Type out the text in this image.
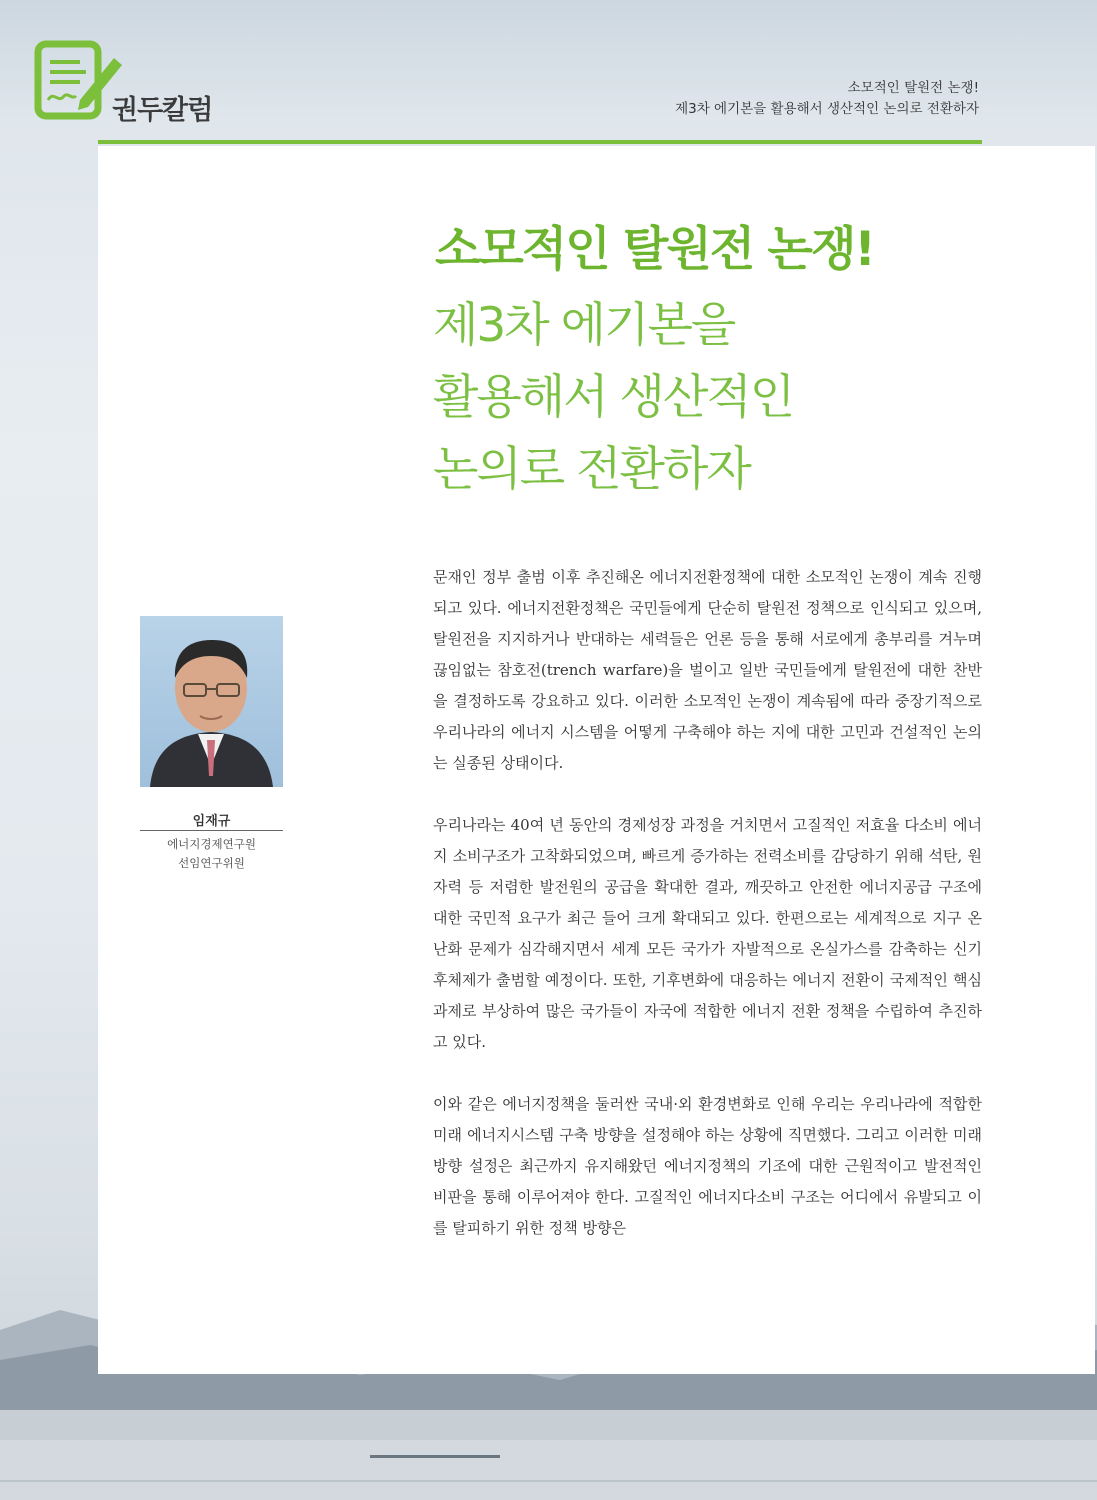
권두칼럼
소모적인 탈원전 논쟁!
제3차 에기본을 활용해서 생산적인 논의로 전환하자
소모적인 탈원전 논쟁!
제3차 에기본을
활용해서 생산적인
논의로 전환하자
임재규
에너지경제연구원
선임연구위원

문재인 정부 출범 이후 추진해온 에너지전환정책에 대한 소모적인 논쟁이 계속 진행되고 있다. 에너지전환정책은 국민들에게 단순히 탈원전 정책으로 인식되고 있으며, 탈원전을 지지하거나 반대하는 세력들은 언론 등을 통해 서로에게 총부리를 겨누며 끊임없는 참호전(trench warfare)을 벌이고 일반 국민들에게 탈원전에 대한 찬반을 결정하도록 강요하고 있다. 이러한 소모적인 논쟁이 계속됨에 따라 중장기적으로 우리나라의 에너지 시스템을 어떻게 구축해야 하는 지에 대한 고민과 건설적인 논의는 실종된 상태이다.

우리나라는 40여 년 동안의 경제성장 과정을 거치면서 고질적인 저효율 다소비 에너지 소비구조가 고착화되었으며, 빠르게 증가하는 전력소비를 감당하기 위해 석탄, 원자력 등 저렴한 발전원의 공급을 확대한 결과, 깨끗하고 안전한 에너지공급 구조에 대한 국민적 요구가 최근 들어 크게 확대되고 있다. 한편으로는 세계적으로 지구 온난화 문제가 심각해지면서 세계 모든 국가가 자발적으로 온실가스를 감축하는 신기후체제가 출범할 예정이다. 또한, 기후변화에 대응하는 에너지 전환이 국제적인 핵심 과제로 부상하여 많은 국가들이 자국에 적합한 에너지 전환 정책을 수립하여 추진하고 있다.

이와 같은 에너지정책을 둘러싼 국내·외 환경변화로 인해 우리는 우리나라에 적합한 미래 에너지시스템 구축 방향을 설정해야 하는 상황에 직면했다. 그리고 이러한 미래 방향 설정은 최근까지 유지해왔던 에너지정책의 기조에 대한 근원적이고 발전적인 비판을 통해 이루어져야 한다. 고질적인 에너지다소비 구조는 어디에서 유발되고 이를 탈피하기 위한 정책 방향은
